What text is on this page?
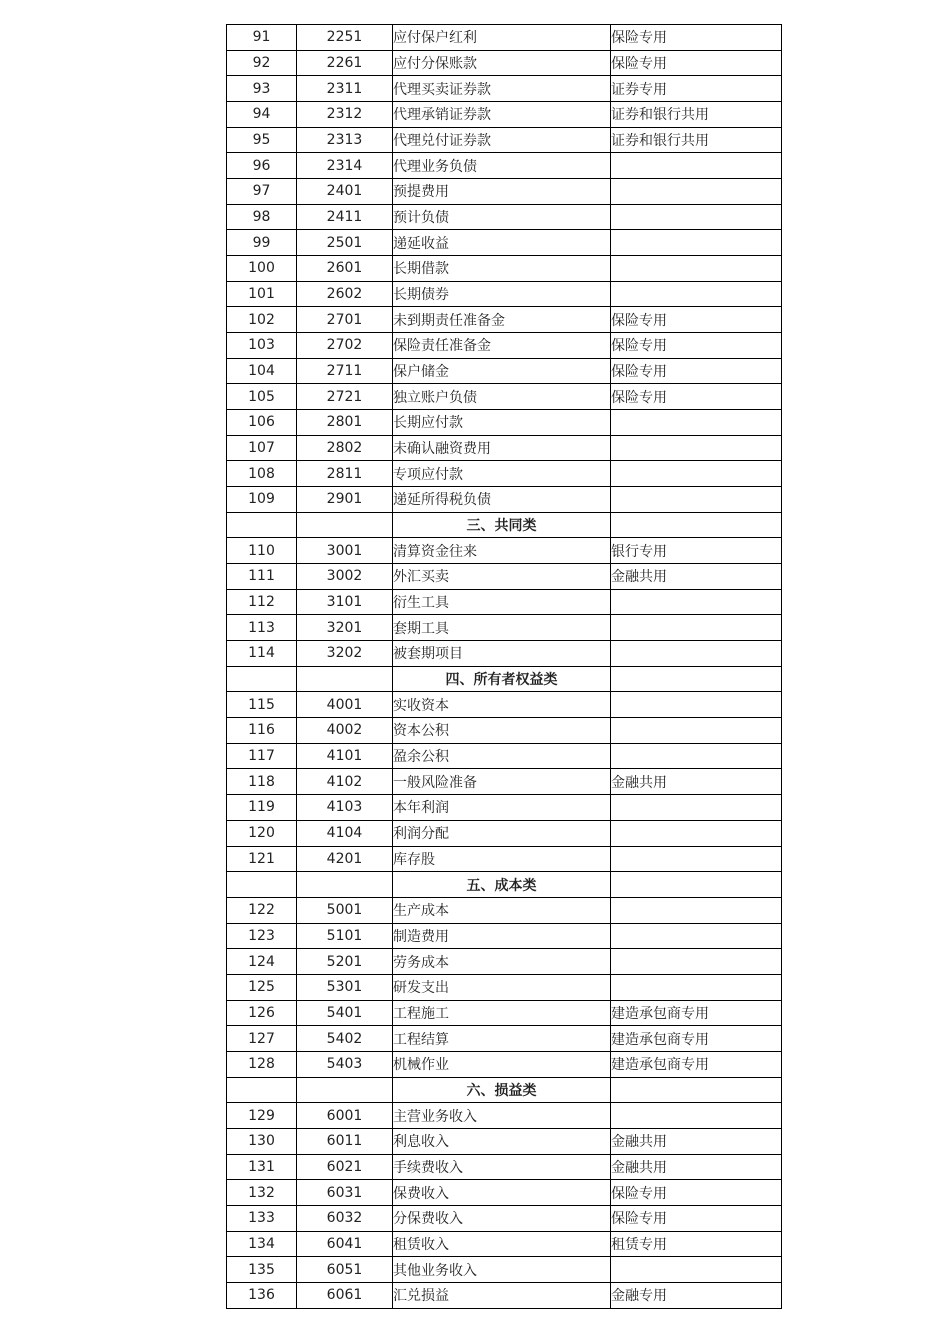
91	2251	应付保户红利	保险专用
92	2261	应付分保账款	保险专用
93	2311	代理买卖证券款	证券专用
94	2312	代理承销证券款	证券和银行共用
95	2313	代理兑付证券款	证券和银行共用
96	2314	代理业务负债	
97	2401	预提费用	
98	2411	预计负债	
99	2501	递延收益	
100	2601	长期借款	
101	2602	长期债券	
102	2701	未到期责任准备金	保险专用
103	2702	保险责任准备金	保险专用
104	2711	保户储金	保险专用
105	2721	独立账户负债	保险专用
106	2801	长期应付款	
107	2802	未确认融资费用	
108	2811	专项应付款	
109	2901	递延所得税负债	
		三、共同类	
110	3001	清算资金往来	银行专用
111	3002	外汇买卖	金融共用
112	3101	衍生工具	
113	3201	套期工具	
114	3202	被套期项目	
		四、所有者权益类	
115	4001	实收资本	
116	4002	资本公积	
117	4101	盈余公积	
118	4102	一般风险准备	金融共用
119	4103	本年利润	
120	4104	利润分配	
121	4201	库存股	
		五、成本类	
122	5001	生产成本	
123	5101	制造费用	
124	5201	劳务成本	
125	5301	研发支出	
126	5401	工程施工	建造承包商专用
127	5402	工程结算	建造承包商专用
128	5403	机械作业	建造承包商专用
		六、损益类	
129	6001	主营业务收入	
130	6011	利息收入	金融共用
131	6021	手续费收入	金融共用
132	6031	保费收入	保险专用
133	6032	分保费收入	保险专用
134	6041	租赁收入	租赁专用
135	6051	其他业务收入	
136	6061	汇兑损益	金融专用
